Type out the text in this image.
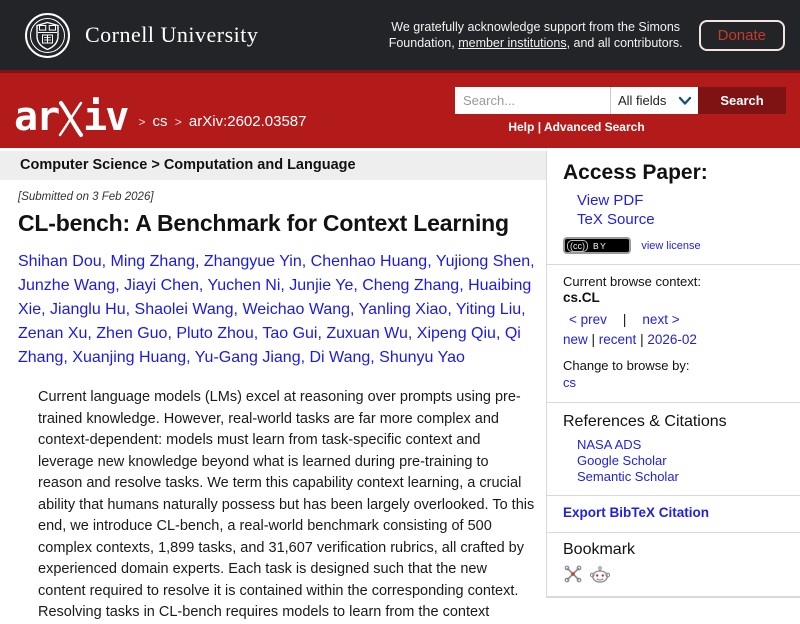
Cornell University	We gratefully acknowledge support from the Simons
Foundation, member institutions, and all contributors.	Donate
ar iv > cs > arXiv:2602.03587
Search...
All fields	Search
Help | Advanced Search
Computer Science > Computation and Language
[Submitted on 3 Feb 2026]
CL-bench: A Benchmark for Context Learning
Shihan Dou, Ming Zhang, Zhangyue Yin, Chenhao Huang, Yujiong Shen, Junzhe Wang, Jiayi Chen, Yuchen Ni, Junjie Ye, Cheng Zhang, Huaibing Xie, Jianglu Hu, Shaolei Wang, Weichao Wang, Yanling Xiao, Yiting Liu, Zenan Xu, Zhen Guo, Pluto Zhou, Tao Gui, Zuxuan Wu, Xipeng Qiu, Qi Zhang, Xuanjing Huang, Yu-Gang Jiang, Di Wang, Shunyu Yao
Current language models (LMs) excel at reasoning over prompts using pre-trained knowledge. However, real-world tasks are far more complex and context-dependent: models must learn from task-specific context and leverage new knowledge beyond what is learned during pre-training to reason and resolve tasks. We term this capability context learning, a crucial ability that humans naturally possess but has been largely overlooked. To this end, we introduce CL-bench, a real-world benchmark consisting of 500 complex contexts, 1,899 tasks, and 31,607 verification rubrics, all crafted by experienced domain experts. Each task is designed such that the new content required to resolve it is contained within the corresponding context. Resolving tasks in CL-bench requires models to learn from the context
Access Paper:
View PDF
TeX Source
(cc) BY	view license
Current browse context:
cs.CL
< prev | next >
new | recent | 2026-02
Change to browse by:
cs
References & Citations
NASA ADS
Google Scholar
Semantic Scholar
Export BibTeX Citation
Bookmark
